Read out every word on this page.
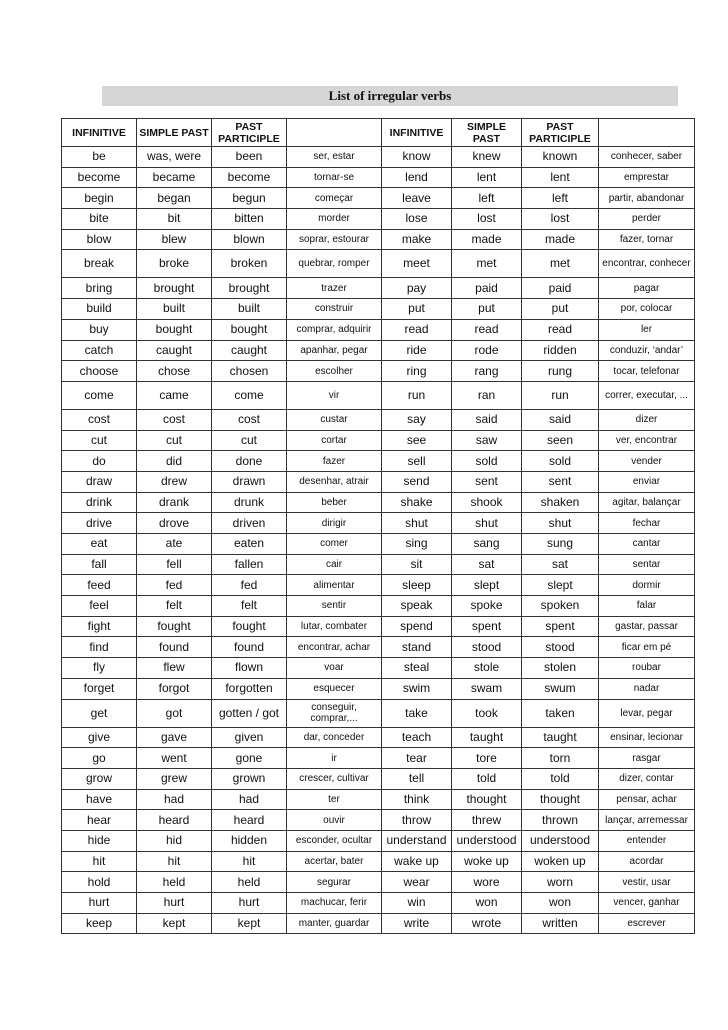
List of irregular verbs
INFINITIVE	SIMPLE PAST	PAST PARTICIPLE		INFINITIVE	SIMPLE PAST	PAST PARTICIPLE	
be	was, were	been	ser, estar	know	knew	known	conhecer, saber
become	became	become	tornar-se	lend	lent	lent	emprestar
begin	began	begun	começar	leave	left	left	partir, abandonar
bite	bit	bitten	morder	lose	lost	lost	perder
blow	blew	blown	soprar, estourar	make	made	made	fazer, tornar
break	broke	broken	quebrar, romper	meet	met	met	encontrar, conhecer
bring	brought	brought	trazer	pay	paid	paid	pagar
build	built	built	construir	put	put	put	por, colocar
buy	bought	bought	comprar, adquirir	read	read	read	ler
catch	caught	caught	apanhar, pegar	ride	rode	ridden	conduzir, ‘andar’
choose	chose	chosen	escolher	ring	rang	rung	tocar, telefonar
come	came	come	vir	run	ran	run	correr, executar, ...
cost	cost	cost	custar	say	said	said	dizer
cut	cut	cut	cortar	see	saw	seen	ver, encontrar
do	did	done	fazer	sell	sold	sold	vender
draw	drew	drawn	desenhar, atrair	send	sent	sent	enviar
drink	drank	drunk	beber	shake	shook	shaken	agitar, balançar
drive	drove	driven	dirigir	shut	shut	shut	fechar
eat	ate	eaten	comer	sing	sang	sung	cantar
fall	fell	fallen	cair	sit	sat	sat	sentar
feed	fed	fed	alimentar	sleep	slept	slept	dormir
feel	felt	felt	sentir	speak	spoke	spoken	falar
fight	fought	fought	lutar, combater	spend	spent	spent	gastar, passar
find	found	found	encontrar, achar	stand	stood	stood	ficar em pé
fly	flew	flown	voar	steal	stole	stolen	roubar
forget	forgot	forgotten	esquecer	swim	swam	swum	nadar
get	got	gotten / got	conseguir, comprar,...	take	took	taken	levar, pegar
give	gave	given	dar, conceder	teach	taught	taught	ensinar, lecionar
go	went	gone	ir	tear	tore	torn	rasgar
grow	grew	grown	crescer, cultivar	tell	told	told	dizer, contar
have	had	had	ter	think	thought	thought	pensar, achar
hear	heard	heard	ouvir	throw	threw	thrown	lançar, arremessar
hide	hid	hidden	esconder, ocultar	understand	understood	understood	entender
hit	hit	hit	acertar, bater	wake up	woke up	woken up	acordar
hold	held	held	segurar	wear	wore	worn	vestir, usar
hurt	hurt	hurt	machucar, ferir	win	won	won	vencer, ganhar
keep	kept	kept	manter, guardar	write	wrote	written	escrever
